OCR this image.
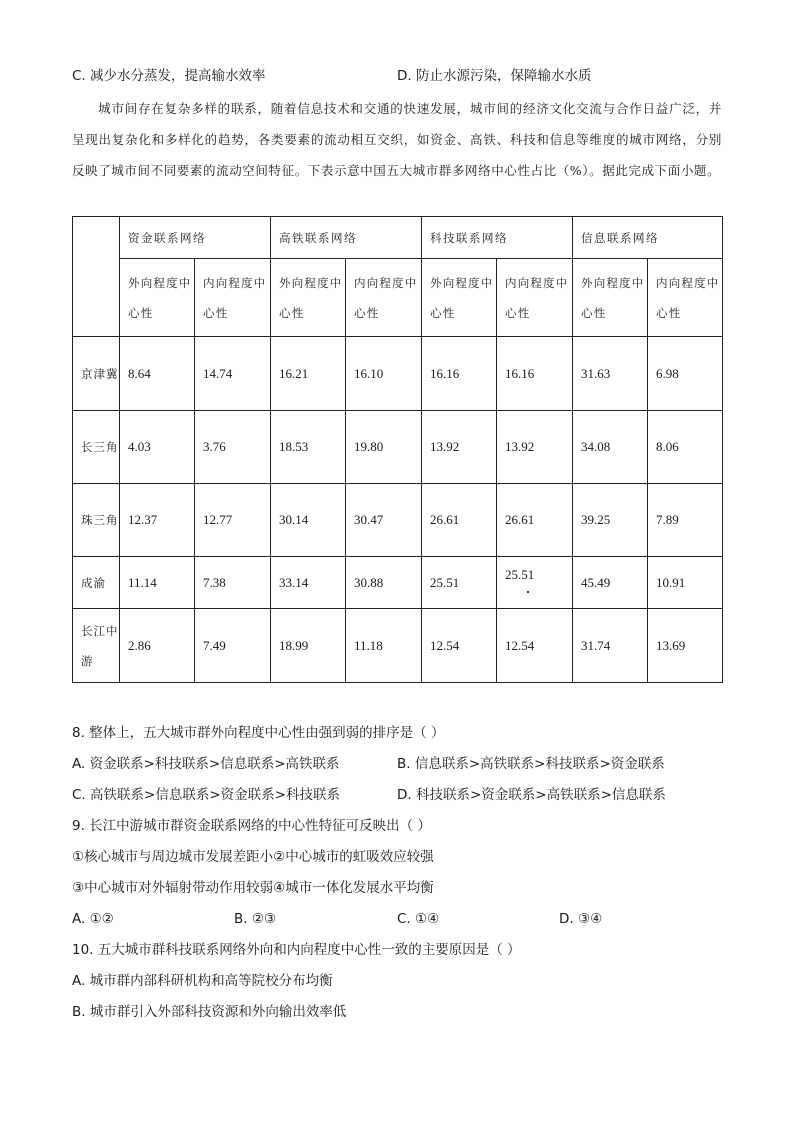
C. 减少水分蒸发，提高输水效率	D. 防止水源污染，保障输水水质
城市间存在复杂多样的联系，随着信息技术和交通的快速发展，城市间的经济文化交流与合作日益广泛，并呈现出复杂化和多样化的趋势，各类要素的流动相互交织，如资金、高铁、科技和信息等维度的城市网络，分别反映了城市间不同要素的流动空间特征。下表示意中国五大城市群多网络中心性占比（%）。据此完成下面小题。
	资金联系网络		高铁联系网络		科技联系网络		信息联系网络	
	外向程度中心性	内向程度中心性	外向程度中心性	内向程度中心性	外向程度中心性	内向程度中心性	外向程度中心性	内向程度中心性
京津冀	8.64	14.74	16.21	16.10	16.16	16.16	31.63	6.98
长三角	4.03	3.76	18.53	19.80	13.92	13.92	34.08	8.06
珠三角	12.37	12.77	30.14	30.47	26.61	26.61	39.25	7.89
成渝	11.14	7.38	33.14	30.88	25.51	25.51	45.49	10.91
长江中游	2.86	7.49	18.99	11.18	12.54	12.54	31.74	13.69
8. 整体上，五大城市群外向程度中心性由强到弱的排序是（ ）
A. 资金联系>科技联系>信息联系>高铁联系	B. 信息联系>高铁联系>科技联系>资金联系
C. 高铁联系>信息联系>资金联系>科技联系	D. 科技联系>资金联系>高铁联系>信息联系
9. 长江中游城市群资金联系网络的中心性特征可反映出（ ）
①核心城市与周边城市发展差距小②中心城市的虹吸效应较强
③中心城市对外辐射带动作用较弱④城市一体化发展水平均衡
A. ①②	B. ②③	C. ①④	D. ③④
10. 五大城市群科技联系网络外向和内向程度中心性一致的主要原因是（ ）
A. 城市群内部科研机构和高等院校分布均衡
B. 城市群引入外部科技资源和外向输出效率低
